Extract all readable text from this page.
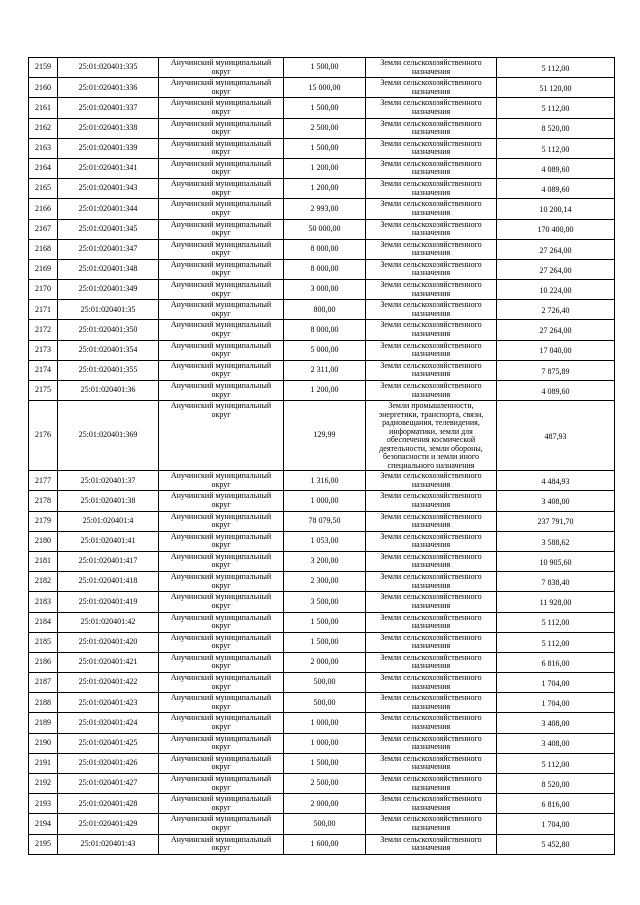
2159	25:01:020401:335	Анучинский муниципальный округ	1 500,00	Земли сельскохозяйственного назначения	5 112,00
2160	25:01:020401:336	Анучинский муниципальный округ	15 000,00	Земли сельскохозяйственного назначения	51 120,00
2161	25:01:020401:337	Анучинский муниципальный округ	1 500,00	Земли сельскохозяйственного назначения	5 112,00
2162	25:01:020401:338	Анучинский муниципальный округ	2 500,00	Земли сельскохозяйственного назначения	8 520,00
2163	25:01:020401:339	Анучинский муниципальный округ	1 500,00	Земли сельскохозяйственного назначения	5 112,00
2164	25:01:020401:341	Анучинский муниципальный округ	1 200,00	Земли сельскохозяйственного назначения	4 089,60
2165	25:01:020401:343	Анучинский муниципальный округ	1 200,00	Земли сельскохозяйственного назначения	4 089,60
2166	25:01:020401:344	Анучинский муниципальный округ	2 993,00	Земли сельскохозяйственного назначения	10 200,14
2167	25:01:020401:345	Анучинский муниципальный округ	50 000,00	Земли сельскохозяйственного назначения	170 400,00
2168	25:01:020401:347	Анучинский муниципальный округ	8 000,00	Земли сельскохозяйственного назначения	27 264,00
2169	25:01:020401:348	Анучинский муниципальный округ	8 000,00	Земли сельскохозяйственного назначения	27 264,00
2170	25:01:020401:349	Анучинский муниципальный округ	3 000,00	Земли сельскохозяйственного назначения	10 224,00
2171	25:01:020401:35	Анучинский муниципальный округ	800,00	Земли сельскохозяйственного назначения	2 726,40
2172	25:01:020401:350	Анучинский муниципальный округ	8 000,00	Земли сельскохозяйственного назначения	27 264,00
2173	25:01:020401:354	Анучинский муниципальный округ	5 000,00	Земли сельскохозяйственного назначения	17 040,00
2174	25:01:020401:355	Анучинский муниципальный округ	2 311,00	Земли сельскохозяйственного назначения	7 875,89
2175	25:01:020401:36	Анучинский муниципальный округ	1 200,00	Земли сельскохозяйственного назначения	4 089,60
2176	25:01:020401:369	Анучинский муниципальный округ	129,99	Земли промышленности, энергетики, транспорта, связи, радиовещания, телевидения, информатики, земли для обеспечения космической деятельности, земли обороны, безопасности и земли иного специального назначения	487,93
2177	25:01:020401:37	Анучинский муниципальный округ	1 316,00	Земли сельскохозяйственного назначения	4 484,93
2178	25:01:020401:38	Анучинский муниципальный округ	1 000,00	Земли сельскохозяйственного назначения	3 408,00
2179	25:01:020401:4	Анучинский муниципальный округ	78 079,50	Земли сельскохозяйственного назначения	237 791,70
2180	25:01:020401:41	Анучинский муниципальный округ	1 053,00	Земли сельскохозяйственного назначения	3 588,62
2181	25:01:020401:417	Анучинский муниципальный округ	3 200,00	Земли сельскохозяйственного назначения	10 905,60
2182	25:01:020401:418	Анучинский муниципальный округ	2 300,00	Земли сельскохозяйственного назначения	7 838,40
2183	25:01:020401:419	Анучинский муниципальный округ	3 500,00	Земли сельскохозяйственного назначения	11 928,00
2184	25:01:020401:42	Анучинский муниципальный округ	1 500,00	Земли сельскохозяйственного назначения	5 112,00
2185	25:01:020401:420	Анучинский муниципальный округ	1 500,00	Земли сельскохозяйственного назначения	5 112,00
2186	25:01:020401:421	Анучинский муниципальный округ	2 000,00	Земли сельскохозяйственного назначения	6 816,00
2187	25:01:020401:422	Анучинский муниципальный округ	500,00	Земли сельскохозяйственного назначения	1 704,00
2188	25:01:020401:423	Анучинский муниципальный округ	500,00	Земли сельскохозяйственного назначения	1 704,00
2189	25:01:020401:424	Анучинский муниципальный округ	1 000,00	Земли сельскохозяйственного назначения	3 408,00
2190	25:01:020401:425	Анучинский муниципальный округ	1 000,00	Земли сельскохозяйственного назначения	3 408,00
2191	25:01:020401:426	Анучинский муниципальный округ	1 500,00	Земли сельскохозяйственного назначения	5 112,00
2192	25:01:020401:427	Анучинский муниципальный округ	2 500,00	Земли сельскохозяйственного назначения	8 520,00
2193	25:01:020401:428	Анучинский муниципальный округ	2 000,00	Земли сельскохозяйственного назначения	6 816,00
2194	25:01:020401:429	Анучинский муниципальный округ	500,00	Земли сельскохозяйственного назначения	1 704,00
2195	25:01:020401:43	Анучинский муниципальный округ	1 600,00	Земли сельскохозяйственного назначения	5 452,80
